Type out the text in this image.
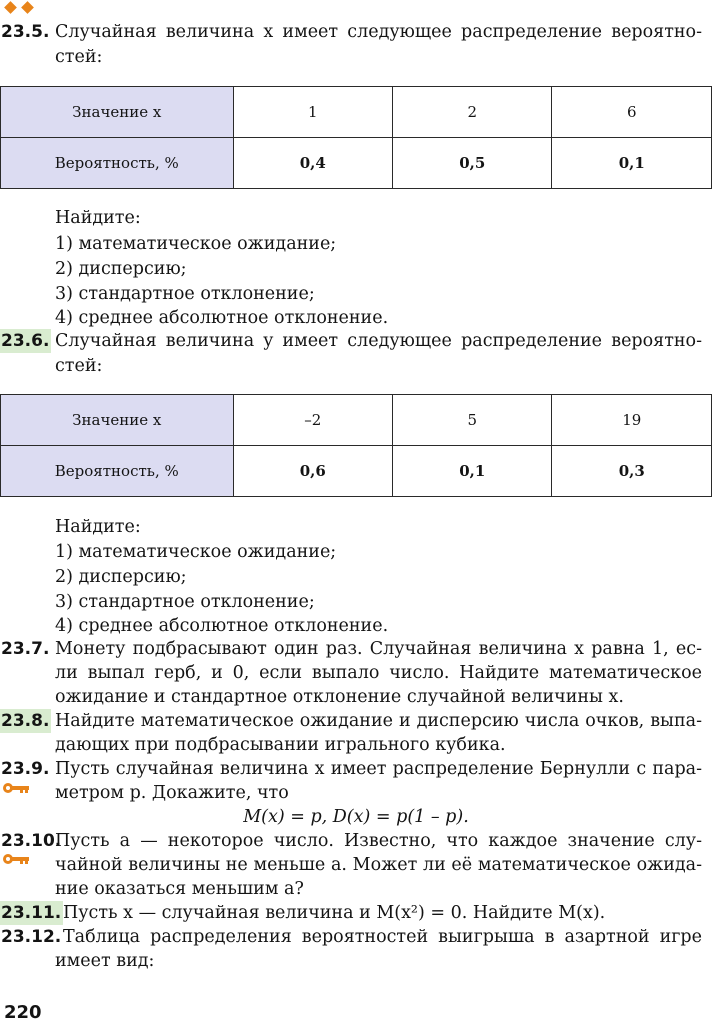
23.5. Случайная величина x имеет следующее распределение вероятно-
стей:
Значение x	1	2	6
Вероятность, %	0,4	0,5	0,1
Найдите:
1) математическое ожидание;
2) дисперсию;
3) стандартное отклонение;
4) среднее абсолютное отклонение.
23.6. Случайная величина y имеет следующее распределение вероятно-
стей:
Значение x	–2	5	19
Вероятность, %	0,6	0,1	0,3
Найдите:
1) математическое ожидание;
2) дисперсию;
3) стандартное отклонение;
4) среднее абсолютное отклонение.
23.7. Монету подбрасывают один раз. Случайная величина x равна 1, ес-
ли выпал герб, и 0, если выпало число. Найдите математическое
ожидание и стандартное отклонение случайной величины x.
23.8. Найдите математическое ожидание и дисперсию числа очков, выпа-
дающих при подбрасывании игрального кубика.
23.9. Пусть случайная величина x имеет распределение Бернулли с пара-
метром p. Докажите, что
M(x) = p, D(x) = p(1 – p).
23.10.
Пусть a — некоторое число. Известно, что каждое значение слу-
чайной величины не меньше a. Может ли её математическое ожида-
ние оказаться меньшим a?
23.11. Пусть x — случайная величина и M(x²) = 0. Найдите M(x).
23.12. Таблица распределения вероятностей выигрыша в азартной игре
имеет вид:
220
